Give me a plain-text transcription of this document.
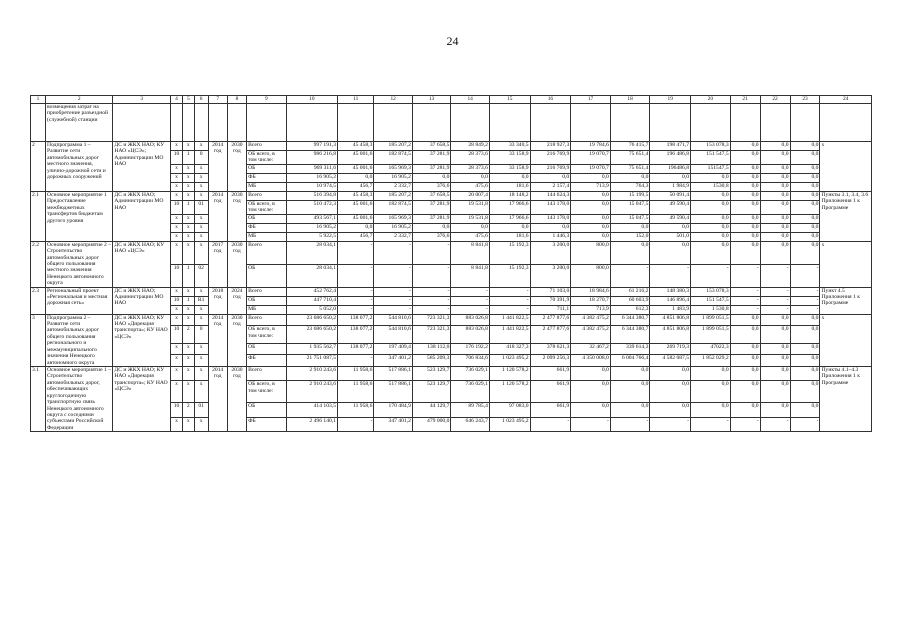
24
1	2	3	4	5	6	7	8	9	10	11	12	13	14	15	16	17	18	19	20	21	22	23	24
	возмещения затрат на приобретение разъездной (служебной) станции																						
2	Подпрограмма 1 – Развитие сети автомобильных дорог местного значения, улично-дорожной сети и дорожных сооружений	ДС и ЖКХ НАО; КУ НАО «ЦСЭ»; Администрации МО НАО	х	х	х	2014 год	2030 год	Всего	997 191,3	45 458,3	185 207,2	37 658,5	28 849,2	33 340,5	218 927,3	19 784,6	76 415,7	198 471,7	153 078,3	0,0	0,0	0,0	х
			10	1	0			ОБ всего, в том числе:	986 216,8	45 001,6	182 874,5	37 281,9	28 373,6	33 158,9	216 769,9	19 070,7	75 651,4	196 486,8	151 547,5	0,0	0,0	0,0	
			х	х	х			ОБ	969 311,6	45 001,6	165 969,3	37 281,9	28 373,6	33 158,9	216 769,9	19 070,7	75 651,4	196486,8	151547,5	0,0	0,0	0,0	
			х	х	х			ФБ	16 905,2	0,0	16 905,2	0,0	0,0	0,0	0,0	0,0	0,0	0,0	0,0	0,0	0,0	0,0	
			х	х	х			МБ	10 974,5	456,7	2 332,7	376,6	475,6	181,6	2 157,4	713,9	764,3	1 984,9	1530,8	0,0	0,0	0,0	
2.1	Основное мероприятие 1 Предоставление межбюджетных трансфертов бюджетам другого уровня	ДС и ЖКХ НАО; Администрации МО НАО	х	х	х	2014 год	2030 год	Всего	516 394,8	45 458,3	185 207,2	37 658,5	20 007,4	18 148,2	144 624,3	0,0	15 199,5	50 091,4	0,0	0,0	0,0	0,0	Пункты 3.1, 3.4, 3.6 Приложения 1 к Программе
			10	1	01			ОБ всего, в том числе:	510 472,3	45 001,6	182 874,5	37 281,9	19 531,8	17 966,6	143 178,0	0,0	15 047,5	49 590,4	0,0	0,0	0,0	0,0	
			х	х	х			ОБ	493 567,1	45 001,6	165 969,3	37 281,9	19 531,8	17 966,6	143 178,0	0,0	15 047,5	49 590,4	0,0	0,0	0,0	0,0	
			х	х	х			ФБ	16 905,2	0,0	16 905,2	0,0	0,0	0,0	0,0	0,0	0,0	0,0	0,0	0,0	0,0	0,0	
			х	х	х			МБ	5 922,5	456,7	2 332,7	376,6	475,6	181,6	1 446,3	0,0	152,0	501,0	0,0	0,0	0,0	0,0	
2.2	Основное мероприятие 2 – Строительство автомобильных дорог общего пользования местного значения Ненецкого автономного округа	ДС и ЖКХ НАО; КУ НАО «ЦСЭ»	х	х	х	2017 год	2030 год	Всего	28 034,1	-	-	-	8 841,8	15 192,3	3 200,0	800,0	0,0	0,0	0,0	0,0	0,0	0,0	х
			10	1	02			ОБ	28 034,1	-	-	-	8 841,8	15 192,3	3 200,0	800,0	-	-	-	-	-	-	
2.3	Региональный проект «Региональная и местная дорожная сеть»	ДС и ЖКХ НАО; Администрации МО НАО	х	х	х	2018 год	2024 год	Всего	452 762,4	-	-	-	-	-	71 103,0	18 984,6	61 216,2	148 380,3	153 078,3	-	-	-	Пункт 4.5 Приложения 1 к Программе
			10	1	R1			ОБ	447 710,4	-	-	-	-	-	70 391,9	18 270,7	60 603,9	146 896,4	151 547,5	-	-	-	
			х	х	х			МБ	5 052,0	-	-	-	-	-	711,1	713,9	612,3	1 483,9	1 530,8	-	-	-	
3	Подпрограмма 2 – Развитие сети автомобильных дорог общего пользования регионального и межмуниципального значения Ненецкого автономного округа	ДС и ЖКХ НАО; КУ НАО «Дирекция транспорта»; КУ НАО «ЦСЭ»	х	х	х	2014 год	2030 год	Всего	23 686 650,2	138 077,2	544 810,6	723 321,3	883 026,8	1 441 822,5	2 477 877,6	4 382 475,2	6 344 380,7	4 851 806,8	1 899 051,5	0,0	0,0	0,0	х
			10	2	0			ОБ всего, в том числе:	23 686 650,2	138 077,2	544 810,6	723 321,3	883 026,8	1 441 822,5	2 477 877,6	4 382 475,2	6 344 380,7	4 851 806,8	1 899 051,5	0,0	0,0	0,0	
			х	х	х			ОБ	1 935 562,7	138 077,2	197 409,4	138 112,0	176 192,2	418 327,3	378 621,3	32 467,2	339 614,3	269 719,3	47022,3	0,0	0,0	0,0	
			х	х	х			ФБ	21 751 087,5	-	347 401,2	585 209,3	706 834,6	1 023 495,2	2 099 256,3	4 350 008,0	6 004 766,4	4 582 087,5	1 852 029,2	0,0	0,0	0,0	
3.1	Основное мероприятие 1 – Строительство автомобильных дорог, обеспечивающих круглогодичную транспортную связь Ненецкого автономного округа с соседними субъектами Российской Федерации	ДС и ЖКХ НАО; КУ НАО «Дирекция транспорта»; КУ НАО «ЦСЭ»	х	х	х	2014 год	2030 год	Всего	2 910 243,6	11 958,6	517 886,1	523 129,7	736 029,1	1 120 578,2	661,9	0,0	0,0	0,0	0,0	0,0	0,0	0,0	Пункты 4.1–4.3 Приложения 1 к Программе
			х	х	х			ОБ всего, в том числе:	2 910 243,6	11 958,6	517 886,1	523 129,7	736 029,1	1 120 578,2	661,9	0,0	0,0	0,0	0,0	0,0	0,0	0,0	
			10	2	01			ОБ	414 103,5	11 958,6	170 484,9	44 129,7	89 785,4	97 083,0	661,9	0,0	0,0	0,0	0,0	0,0	0,0	0,0	
			х	х	х			ФБ	2 496 140,1	-	347 401,2	479 000,0	646 243,7	1 023 495,2	-	-	-	-	-	-	-	-	
